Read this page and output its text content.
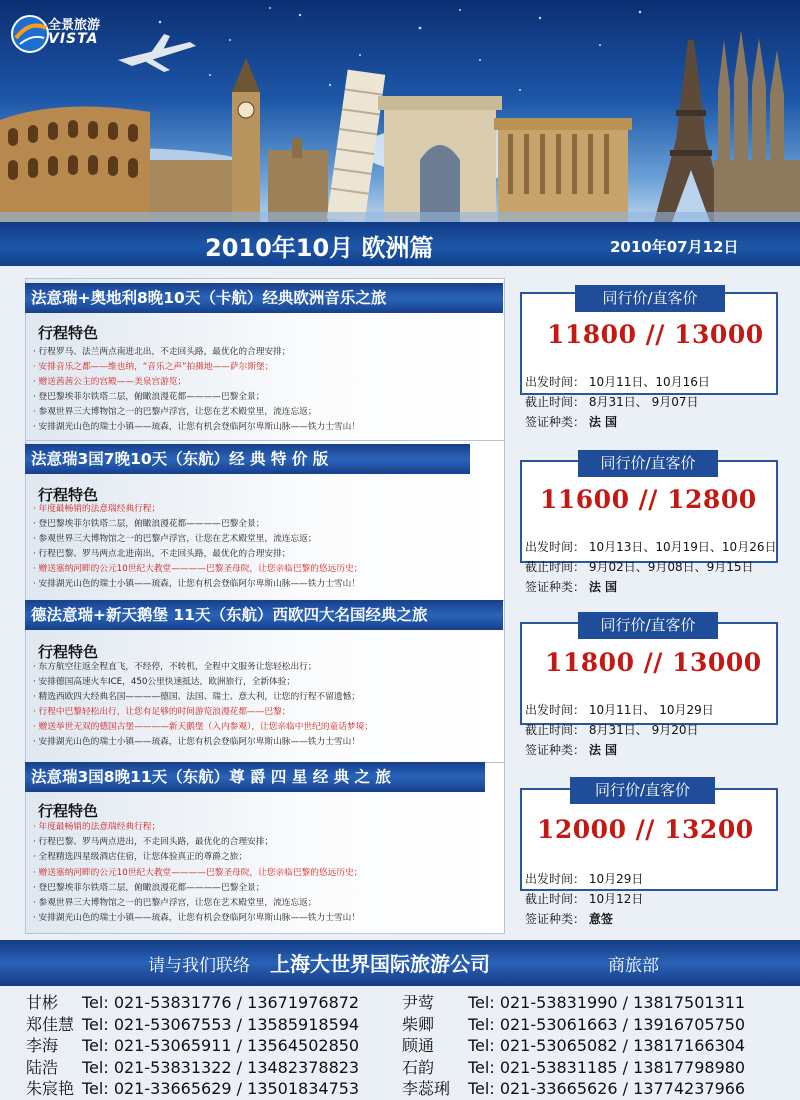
全景旅游
VISTA
2010年10月 欧洲篇	2010年07月12日
法意瑞+奥地利8晚10天（卡航）经典欧洲音乐之旅
行程特色
· 行程罗马、法兰两点南进北出，不走回头路，最优化的合理安排；
· 安排音乐之都——维也纳，“音乐之声”拍摄地——萨尔斯堡；
· 赠送茜茜公主的宫殿——美泉宫游览；
· 登巴黎埃菲尔铁塔二层，俯瞰浪漫花都————巴黎全景；
· 参观世界三大博物馆之一的巴黎卢浮宫，让您在艺术殿堂里，流连忘返；
· 安排湖光山色的瑞士小镇——琉森，让您有机会登临阿尔卑斯山脉——铁力士雪山！
同行价/直客价
11800 // 13000
出发时间： 10月11日、10月16日
截止时间： 8月31日、 9月07日
签证种类： 法 国
法意瑞3国7晚10天（东航）经 典 特 价 版
行程特色
· 年度最畅销的法意瑞经典行程；
· 登巴黎埃菲尔铁塔二层，俯瞰浪漫花都————巴黎全景；
· 参观世界三大博物馆之一的巴黎卢浮宫，让您在艺术殿堂里，流连忘返；
· 行程巴黎、罗马两点北进南出，不走回头路，最优化的合理安排；
· 赠送塞纳河畔的公元10世纪大教堂————巴黎圣母院，让您亲临巴黎的悠远历史；
· 安排湖光山色的瑞士小镇——琉森，让您有机会登临阿尔卑斯山脉——铁力士雪山！
同行价/直客价
11600 // 12800
出发时间： 10月13日、10月19日、10月26日
截止时间： 9月02日、9月08日、9月15日
签证种类： 法 国
德法意瑞+新天鹅堡 11天（东航）西欧四大名国经典之旅
行程特色
· 东方航空往返全程直飞，不经停，不转机，全程中文服务让您轻松出行；
· 安排德国高速火车ICE，450公里快速抵达，欧洲旅行，全新体验；
· 精选西欧四大经典名国————德国、法国、瑞士、意大利，让您的行程不留遗憾；
· 行程中巴黎轻松出行，让您有足够的时间游览浪漫花都——巴黎；
· 赠送举世无双的德国古堡————新天鹅堡（入内参观），让您亲临中世纪的童话梦境；
· 安排湖光山色的瑞士小镇——琉森，让您有机会登临阿尔卑斯山脉——铁力士雪山！
同行价/直客价
11800 // 13000
出发时间： 10月11日、 10月29日
截止时间： 8月31日、 9月20日
签证种类： 法 国
法意瑞3国8晚11天（东航）尊 爵 四 星 经 典 之 旅
行程特色
· 年度最畅销的法意瑞经典行程；
· 行程巴黎、罗马两点进出，不走回头路，最优化的合理安排；
· 全程精选四星级酒店住宿，让您体验真正的尊爵之旅；
· 赠送塞纳河畔的公元10世纪大教堂————巴黎圣母院，让您亲临巴黎的悠远历史；
· 登巴黎埃菲尔铁塔二层，俯瞰浪漫花都————巴黎全景；
· 参观世界三大博物馆之一的巴黎卢浮宫，让您在艺术殿堂里，流连忘返；
· 安排湖光山色的瑞士小镇——琉森，让您有机会登临阿尔卑斯山脉——铁力士雪山！
同行价/直客价
12000 // 13200
出发时间： 10月29日
截止时间： 10月12日
签证种类： 意签
请与我们联络 上海大世界国际旅游公司	商旅部
甘彬 Tel: 021-53831776 / 13671976872	尹莺 Tel: 021-53831990 / 13817501311
郑佳慧 Tel: 021-53067553 / 13585918594	柴卿 Tel: 021-53061663 / 13916705750
李海 Tel: 021-53065911 / 13564502850	顾通 Tel: 021-53065082 / 13817166304
陆浩 Tel: 021-53831322 / 13482378823	石韵 Tel: 021-53831185 / 13817798980
朱宸艳 Tel: 021-33665629 / 13501834753	李蕊琍 Tel: 021-33665626 / 13774237966
